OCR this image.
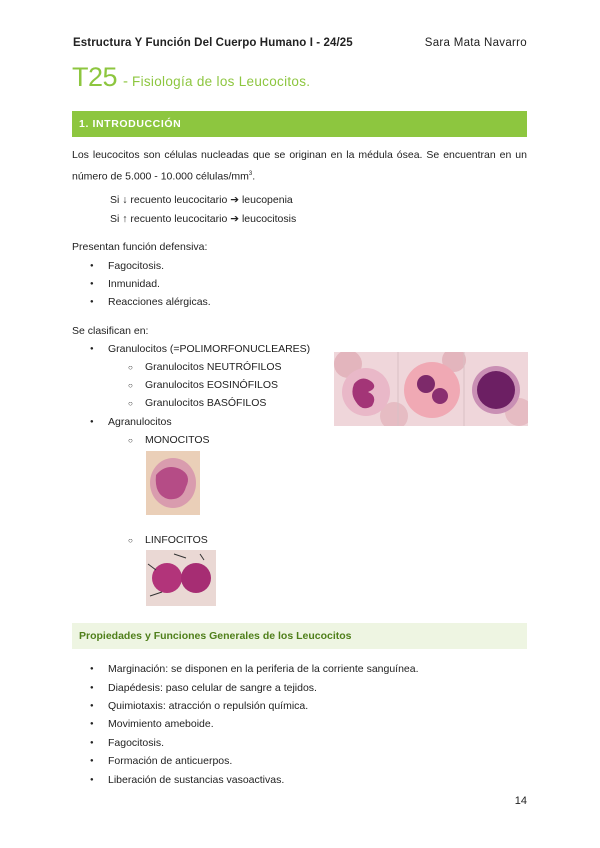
Estructura Y Función Del Cuerpo Humano I - 24/25	Sara Mata Navarro
T25 - Fisiología de los Leucocitos.
1. INTRODUCCIÓN
Los leucocitos son células nucleadas que se originan en la médula ósea. Se encuentran en un número de 5.000 - 10.000 células/$mm^3$.
Si ↓ recuento leucocitario ➔ leucopenia
Si ↑ recuento leucocitario ➔ leucocitosis
Presentan función defensiva:
● Fagocitosis.
● Inmunidad.
● Reacciones alérgicas.
Se clasifican en:
● Granulocitos (=POLIMORFONUCLEARES)
○ Granulocitos NEUTRÓFILOS
○ Granulocitos EOSINÓFILOS
○ Granulocitos BASÓFILOS
● Agranulocitos
○ MONOCITOS
○ LINFOCITOS
Propiedades y Funciones Generales de los Leucocitos
● Marginación: se disponen en la periferia de la corriente sanguínea.
● Diapédesis: paso celular de sangre a tejidos.
● Quimiotaxis: atracción o repulsión química.
● Movimiento ameboide.
● Fagocitosis.
● Formación de anticuerpos.
● Liberación de sustancias vasoactivas.
14
